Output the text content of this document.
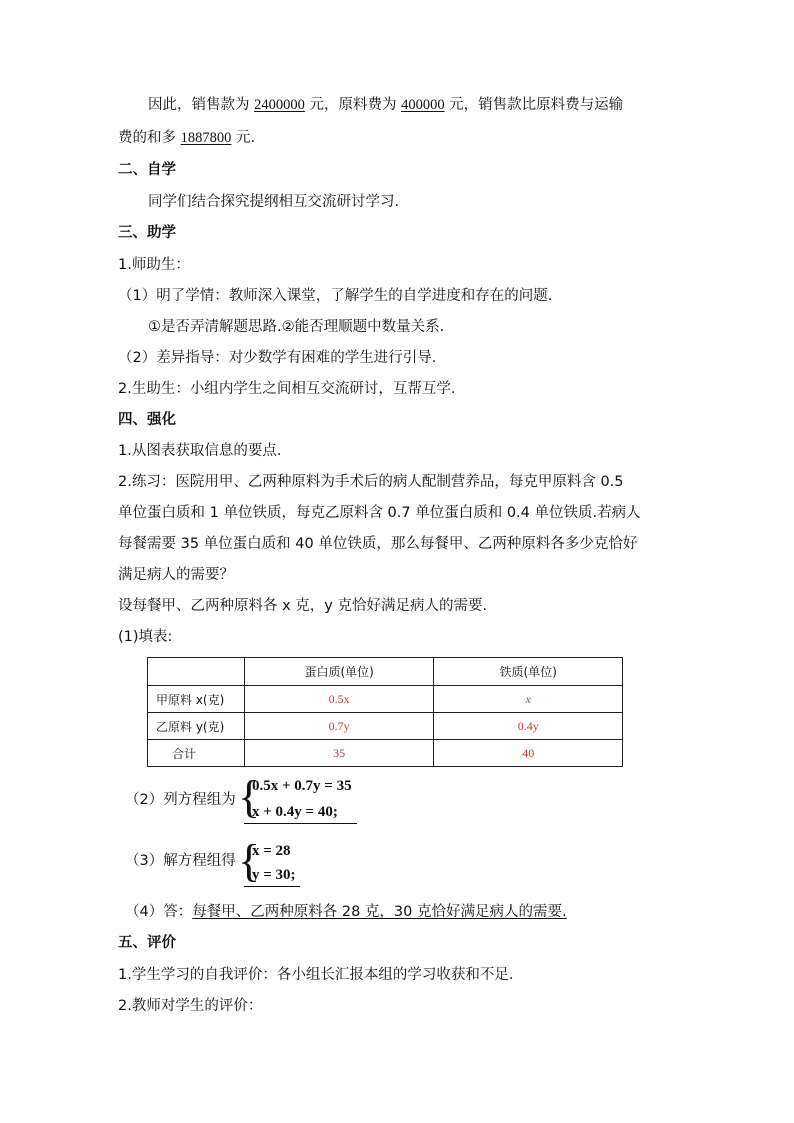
因此，销售款为 2400000 元，原料费为 400000 元，销售款比原料费与运输
费的和多 1887800 元.
二、自学
同学们结合探究提纲相互交流研讨学习.
三、助学
1.师助生：
（1）明了学情：教师深入课堂，了解学生的自学进度和存在的问题.
①是否弄清解题思路.②能否理顺题中数量关系.
（2）差异指导：对少数学有困难的学生进行引导.
2.生助生：小组内学生之间相互交流研讨，互帮互学.
四、强化
1.从图表获取信息的要点.
2.练习：医院用甲、乙两种原料为手术后的病人配制营养品，每克甲原料含 0.5
单位蛋白质和 1 单位铁质，每克乙原料含 0.7 单位蛋白质和 0.4 单位铁质.若病人
每餐需要 35 单位蛋白质和 40 单位铁质，那么每餐甲、乙两种原料各多少克恰好
满足病人的需要？
设每餐甲、乙两种原料各 x 克，y 克恰好满足病人的需要.
(1)填表:
	蛋白质(单位)	铁质(单位)
甲原料 x(克)	0.5x	x
乙原料 y(克)	0.7y	0.4y
合计	35	40
（2）列方程组为 {
0.5x + 0.7y = 35
x + 0.4y = 40;
（3）解方程组得 {
x = 28
y = 30;
（4）答：每餐甲、乙两种原料各 28 克，30 克恰好满足病人的需要.
五、评价
1.学生学习的自我评价：各小组长汇报本组的学习收获和不足.
2.教师对学生的评价：
